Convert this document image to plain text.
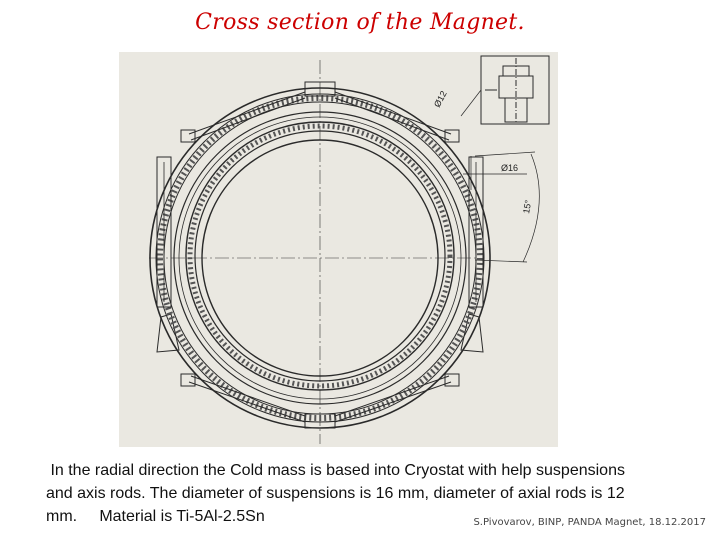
Cross section of the Magnet.
Ø12
Ø16
15°
In the radial direction the Cold mass is based into Cryostat with help suspensions
and axis rods. The diameter of suspensions is 16 mm, diameter of axial rods is 12
mm.     Material is Ti-5Al-2.5Sn	S.Pivovarov, BINP, PANDA Magnet, 18.12.2017
